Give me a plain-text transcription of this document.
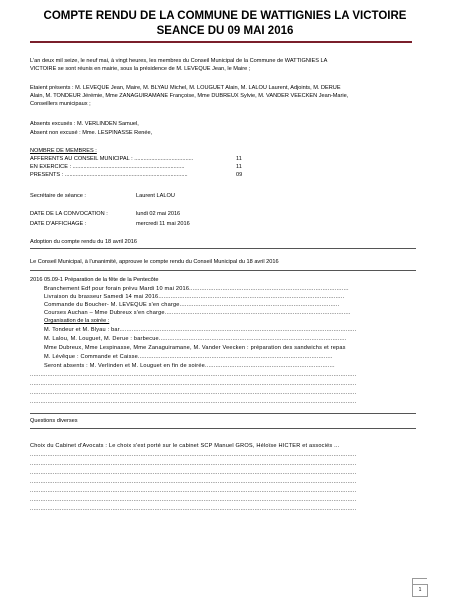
COMPTE RENDU DE LA COMMUNE DE WATTIGNIES LA VICTOIRE
SEANCE DU 09 MAI 2016
L'an deux mil seize, le neuf mai, à vingt heures, les membres du Conseil Municipal de la Commune de WATTIGNIES LA
VICTOIRE se sont réunis en mairie, sous la présidence de M. LEVEQUE Jean, le Maire ;
Etaient présents : M. LEVEQUE Jean, Maire, M. BLYAU Michel, M. LOUGUET Alain, M. LALOU Laurent, Adjoints, M. DERUE
Alain, M. TONDEUR Jérémie, Mme ZANAGUIRAMANE Françoise, Mme DUBREUX Sylvie, M. VANDER VEECKEN Jean-Marie,
Conseillers municipaux ;
Absents excusés : M. VERLINDEN Samuel,
Absent non excusé : Mme. LESPINASSE Renée,
NOMBRE DE MEMBRES :
AFFERENTS AU CONSEIL MUNICIPAL : ......................................	11
EN EXERCICE : ........................................................................	11
PRESENTS : ...............................................................................	09
Secrétaire de séance :	Laurent LALOU
DATE DE LA CONVOCATION :	lundi 02 mai 2016
DATE D'AFFICHAGE :	mercredi 11 mai 2016
Adoption du compte rendu du 18 avril 2016
Le Conseil Municipal, à l'unanimité, approuve le compte rendu du Conseil Municipal du 18 avril 2016
2016 05.09-1 Préparation de la fête de la Pentecôte
Branchement Edf pour forain prévu Mardi 10 mai 2016...........................................................................................
Livraison du brasseur Samedi 14 mai 2016..........................................................................................................
Commande du Boucher- M. LEVEQUE s'en charge...........................................................................................
Courses Auchan – Mme Dubreux s'en charge..........................................................................................................
Organisation de la soirée :
M. Tondeur et M. Blyau : bar.......................................................................................................................................
M. Lalou, M. Louguet, M. Derue : barbecue...........................................................................................................
Mme Dubreux, Mme Lespinasse, Mme Zanaguiramane, M. Vander Veecken : préparation des sandwichs et repas
M. Lévêque : Commande et Caisse...............................................................................................................
Seront absents : M. Verlinden et M. Louguet en fin de soirée..........................................................................
..........................................................................................................................................................................................
..........................................................................................................................................................................................
..........................................................................................................................................................................................
..........................................................................................................................................................................................
Questions diverses
Choix du Cabinet d'Avocats : Le choix s'est porté sur le cabinet SCP Manuel GROS, Héloïse HICTER et associés ...
..........................................................................................................................................................................................
..........................................................................................................................................................................................
..........................................................................................................................................................................................
..........................................................................................................................................................................................
..........................................................................................................................................................................................
..........................................................................................................................................................................................
..........................................................................................................................................................................................
1
